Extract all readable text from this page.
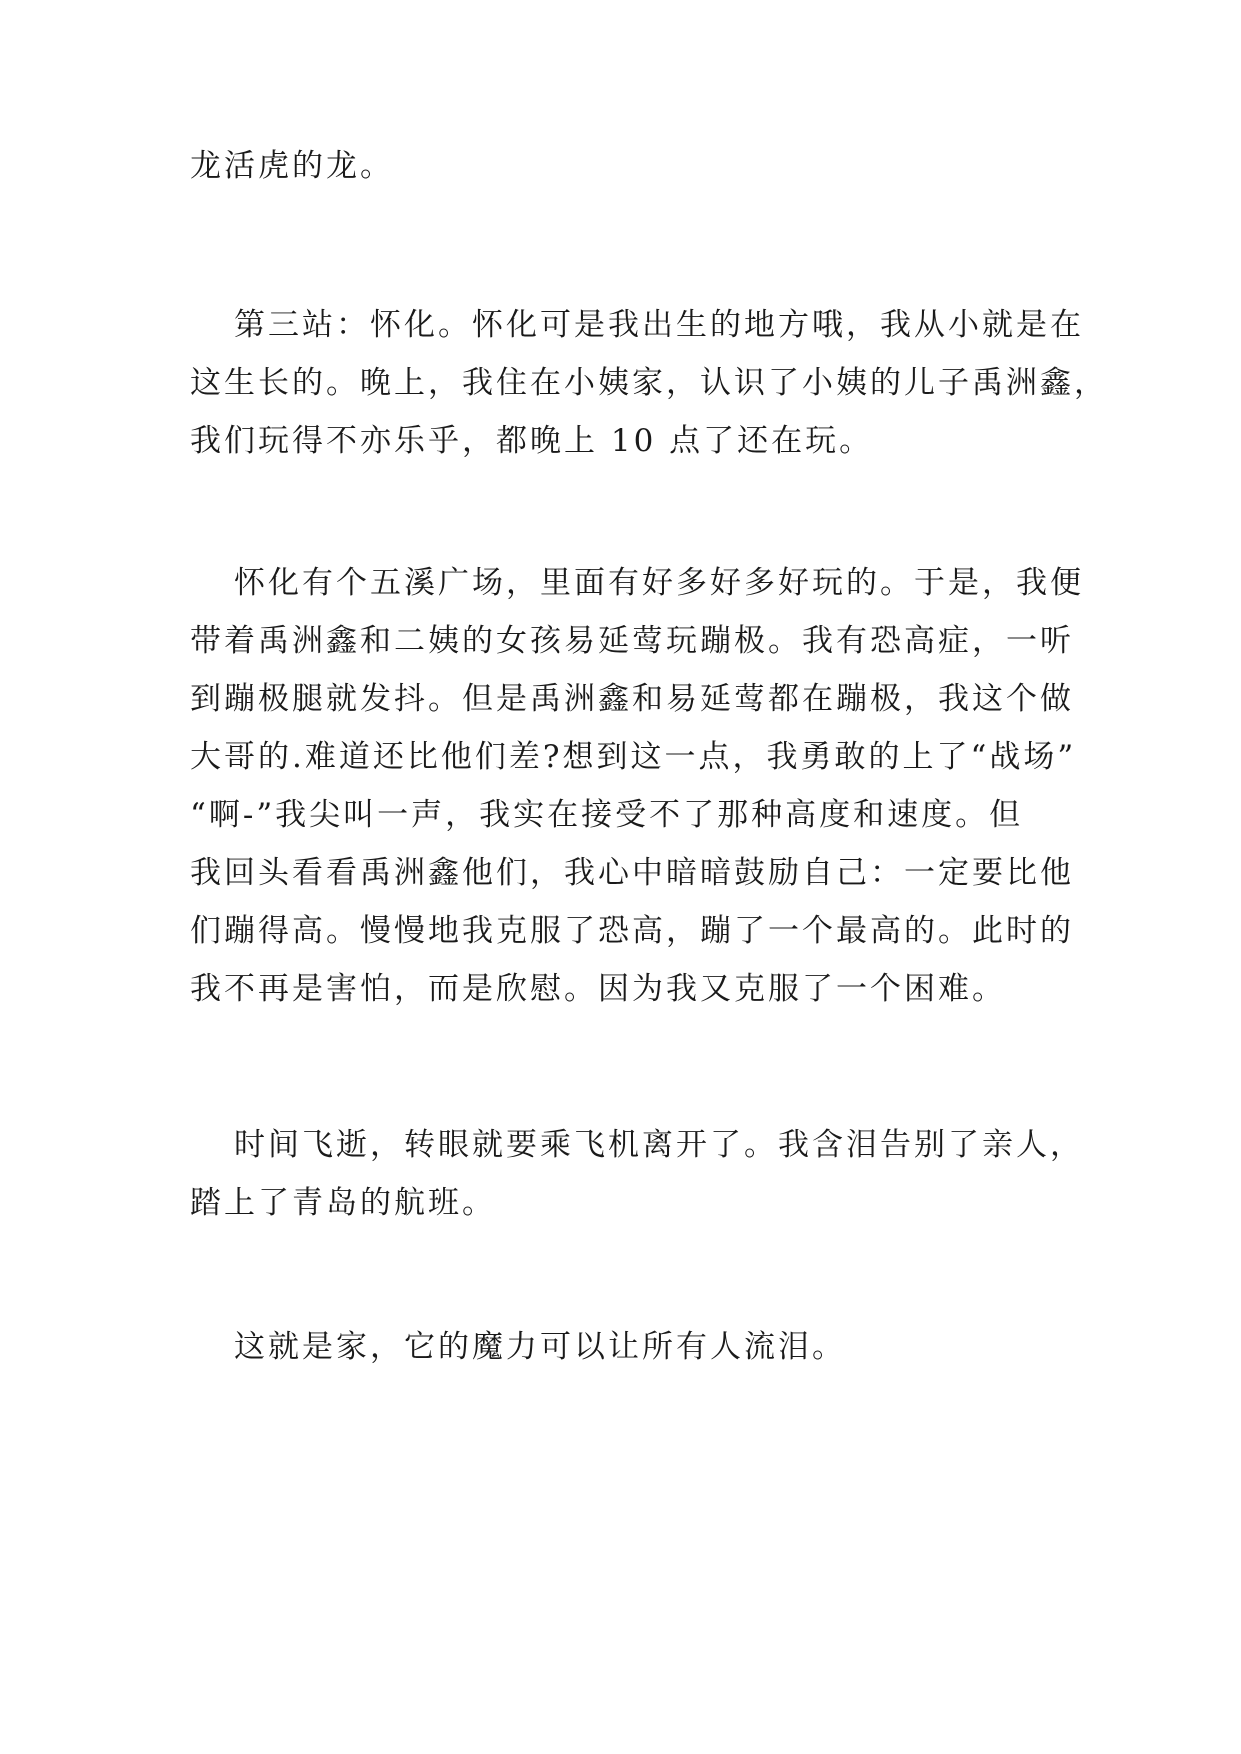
龙活虎的龙。
第三站：怀化。怀化可是我出生的地方哦，我从小就是在
这生长的。晚上，我住在小姨家，认识了小姨的儿子禹洲鑫，
我们玩得不亦乐乎，都晚上 10 点了还在玩。
怀化有个五溪广场，里面有好多好多好玩的。于是，我便
带着禹洲鑫和二姨的女孩易延莺玩蹦极。我有恐高症，一听
到蹦极腿就发抖。但是禹洲鑫和易延莺都在蹦极，我这个做
大哥的.难道还比他们差?想到这一点，我勇敢的上了“战场”
“啊-”我尖叫一声，我实在接受不了那种高度和速度。但
我回头看看禹洲鑫他们，我心中暗暗鼓励自己：一定要比他
们蹦得高。慢慢地我克服了恐高，蹦了一个最高的。此时的
我不再是害怕，而是欣慰。因为我又克服了一个困难。
时间飞逝，转眼就要乘飞机离开了。我含泪告别了亲人，
踏上了青岛的航班。
这就是家，它的魔力可以让所有人流泪。
